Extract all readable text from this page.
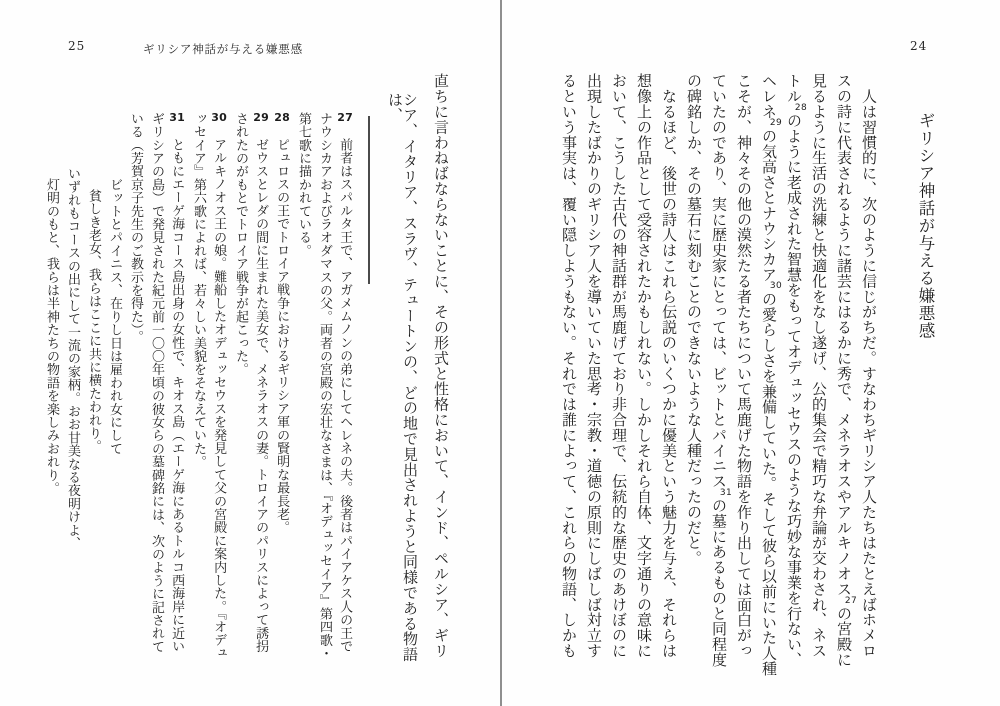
24
ギリシア神話が与える嫌悪感
　人は習慣的に、次のように信じがちだ。すなわちギリシア人たちはたとえばホメロ
スの詩に代表されるように諸芸にはるかに秀で、メネラオスやアルキノオス27の宮殿に
見るように生活の洗練と快適化をなし遂げ、公的集会で精巧な弁論が交わされ、ネス
トル28のように老成された智慧をもってオデュッセウスのような巧妙な事業を行ない、
ヘレネ29の気高さとナウシカア30の愛らしさを兼備していた。そして彼ら以前にいた人種
こそが、神々その他の漠然たる者たちについて馬鹿げた物語を作り出しては面白がっ
ていたのであり、実に歴史家にとっては、ビットとパイニス31の墓にあるものと同程度
の碑銘しか、その墓石に刻むことのできないような人種だったのだと。
　なるほど、後世の詩人はこれら伝説のいくつかに優美という魅力を与え、それらは
想像上の作品として受容されたかもしれない。しかしそれら自体、文字通りの意味に
おいて、こうした古代の神話群が馬鹿げており非合理で、伝統的な歴史のあけぼのに
出現したばかりのギリシア人を導いていた思考・宗教・道徳の原則にしばしば対立す
るという事実は、覆い隠しようもない。それでは誰によって、これらの物語、しかも
25	ギリシア神話が与える嫌悪感
直ちに言わねばならないことに、その形式と性格において、インド、ペルシア、ギリ
シア、イタリア、スラヴ、テュートンの、どの地で見出されようと同様である物語は、
27前者はスパルタ王で、アガメムノンの弟にしてヘレネの夫。後者はパイアケス人の王で
ナウシカアおよびラオダマスの父。両者の宮殿の宏壮なさまは、『オデュッセイア』第四歌・
第七歌に描かれている。
28ピュロスの王でトロイア戦争におけるギリシア軍の賢明な最長老。
29ゼウスとレダの間に生まれた美女で、メネラオスの妻。トロイアのパリスによって誘拐
されたのがもとでトロイア戦争が起こった。
30アルキノオス王の娘。難船したオデュッセウスを発見して父の宮殿に案内した。『オデュ
ッセイア』第六歌によれば、若々しい美貌をそなえていた。
31ともにエーゲ海コース島出身の女性で、キオス島（エーゲ海にあるトルコ西海岸に近い
ギリシアの島）で発見された紀元前一〇〇年頃の彼女らの墓碑銘には、次のように記されて
いる（芳賀京子先生のご教示を得た）。
ビットとパイニス、在りし日は雇われ女にして
貧しき老女、我らはここに共に横たわれり。
いずれもコースの出にして一流の家柄。おお甘美なる夜明けよ、
灯明のもと、我らは半神たちの物語を楽しみおれり。
